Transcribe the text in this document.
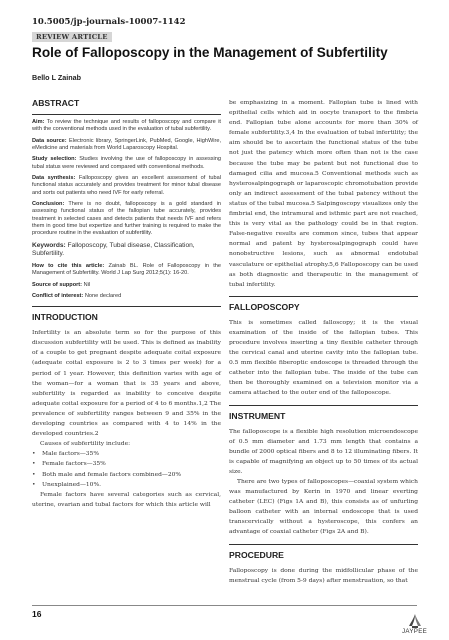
10.5005/jp-journals-10007-1142
REVIEW ARTICLE
Role of Falloposcopy in the Management of Subfertility
Bello L Zainab
ABSTRACT

Aim: To review the technique and results of falloposcopy and compare it with the conventional methods used in the evaluation of tubal subfertility.

Data source: Electronic library, SpringerLink, PubMed, Google, HighWire, eMedicine and materials from World Laparoscopy Hospital.

Study selection: Studies involving the use of falloposcopy in assessing tubal status were reviewed and compared with conventional methods.

Data synthesis: Falloposcopy gives an excellent assessment of tubal functional status accurately and provides treatment for minor tubal disease and sorts out patients who need IVF for early referral.

Conclusion: There is no doubt, falloposcopy is a gold standard in assessing functional status of the fallopian tube accurately, provides treatment in selected cases and detects patients that needs IVF and refers them in good time but expertize and further training is required to make the procedure routine in the evaluation of subfertility.

Keywords: Falloposcopy, Tubal disease, Classification, Subfertility.

How to cite this article: Zainab BL. Role of Falloposcopy in the Management of Subfertility. World J Lap Surg 2012;5(1): 16-20.

Source of support: Nil

Conflict of interest: None declared

INTRODUCTION

Infertility is an absolute term so for the purpose of this discussion subfertility will be used. This is defined as inability of a couple to get pregnant despite adequate coital exposure (adequate coital exposure is 2 to 3 times per week) for a period of 1 year. However, this definition varies with age of the woman—for a woman that is 35 years and above, subfertility is regarded as inability to conceive despite adequate coital exposure for a period of 4 to 6 months.1,2 The prevalence of subfertility ranges between 9 and 35% in the developing countries as compared with 4 to 14% in the developed countries.2

Causes of subfertility include:

• Male factors—35%
• Female factors—35%
• Both male and female factors combined—20%
• Unexplained—10%.

Female factors have several categories such as cervical, uterine, ovarian and tubal factors for which this article will

be emphasizing in a moment. Fallopian tube is lined with epithelial cells which aid in oocyte transport to the fimbria end. Fallopian tube alone accounts for more than 30% of female subfertility.3,4 In the evaluation of tubal infertility; the aim should be to ascertain the functional status of the tube not just the patency which more often than not is the case because the tube may be patent but not functional due to damaged cilia and mucosa.5 Conventional methods such as hysterosalpingograph or laparoscopic chromotubation provide only an indirect assessment of the tubal patency without the status of the tubal mucosa.5 Salpingoscopy visualizes only the fimbrial end, the intramural and isthmic part are not reached, this is very vital as the pathology could be in that region. False-negative results are common since, tubes that appear normal and patent by hysterosalpingograph could have nonobstructive lesions, such as abnormal endotubal vasculature or epithelial atrophy.5,6 Falloposcopy can be used as both diagnostic and therapeutic in the management of tubal infertility.

FALLOPOSCOPY

This is sometimes called falloscopy; it is the visual examination of the inside of the fallopian tubes. This procedure involves inserting a tiny flexible catheter through the cervical canal and uterine cavity into the fallopian tube. 0.5 mm flexible fiberoptic endoscope is threaded through the catheter into the fallopian tube. The inside of the tube can then be thoroughly examined on a television monitor via a camera attached to the outer end of the falloposcope.

INSTRUMENT

The falloposcope is a flexible high resolution microendoscope of 0.5 mm diameter and 1.73 mm length that contains a bundle of 2000 optical fibers and 8 to 12 illuminating fibers. It is capable of magnifying an object up to 50 times of its actual size.

There are two types of falloposcopes—coaxial system which was manufactured by Kerin in 1970 and linear everting catheter (LEC) (Figs 1A and B), this consists as of unfurling balloon catheter with an internal endoscope that is used transcervically without a hysteroscope, this confers an advantage of coaxial catheter (Figs 2A and B).

PROCEDURE

Falloposcopy is done during the midfollicular phase of the menstrual cycle (from 5-9 days) after menstruation, so that

16
JAYPEE
